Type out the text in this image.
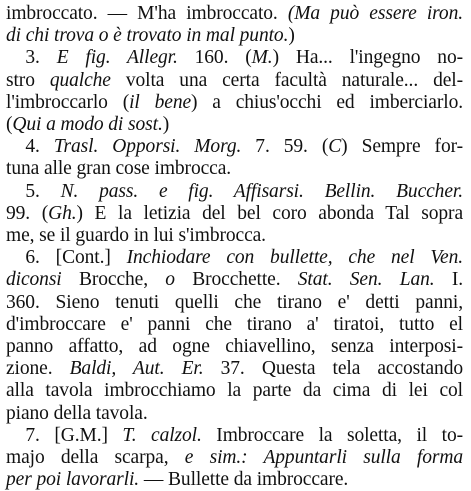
imbroccato. — M'ha imbroccato. (Ma può essere iron.
di chi trova o è trovato in mal punto.)
 3. E fig. Allegr. 160. (M.) Ha... l'ingegno no-
stro qualche volta una certa facultà naturale... del-
l'imbroccarlo (il bene) a chius'occhi ed imberciarlo.
(Qui a modo di sost.)
 4. Trasl. Opporsi. Morg. 7. 59. (C) Sempre for-
tuna alle gran cose imbrocca.
 5. N. pass. e fig. Affisarsi. Bellin. Buccher.
99. (Gh.) E la letizia del bel coro abonda Tal sopra
me, se il guardo in lui s'imbrocca.
 6. [Cont.] Inchiodare con bullette, che nel Ven.
diconsi Brocche, o Brocchette. Stat. Sen. Lan. I.
360. Sieno tenuti quelli che tirano e' detti panni,
d'imbroccare e' panni che tirano a' tiratoi, tutto el
panno affatto, ad ogne chiavellino, senza interposi-
zione. Baldi, Aut. Er. 37. Questa tela accostando
alla tavola imbrocchiamo la parte da cima di lei col
piano della tavola.
 7. [G.M.] T. calzol. Imbroccare la soletta, il to-
majo della scarpa, e sim.: Appuntarli sulla forma
per poi lavorarli. — Bullette da imbroccare.
